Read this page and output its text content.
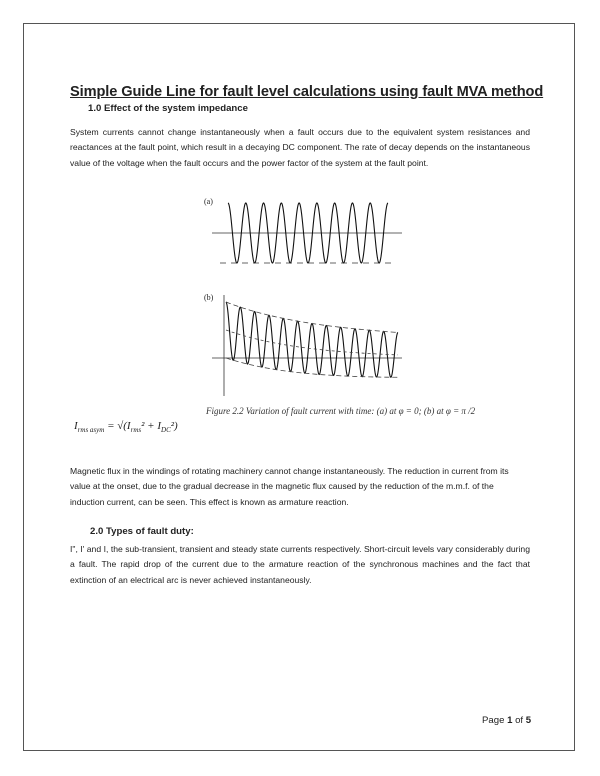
Simple Guide Line for fault level calculations using fault MVA method
1.0 Effect of the system impedance

System currents cannot change instantaneously when a fault occurs due to the equivalent system resistances and reactances at the fault point, which result in a decaying DC component. The rate of decay depends on the instantaneous value of the voltage when the fault occurs and the power factor of the system at the fault point.

(a)
(b)
Figure 2.2 Variation of fault current with time: (a) at φ = 0; (b) at φ = π /2
$I_{rms asym} = √(I_{rms}^2 + I_{DC}^2)$

Magnetic flux in the windings of rotating machinery cannot change instantaneously. The reduction in current from its value at the onset, due to the gradual decrease in the magnetic flux caused by the reduction of the m.m.f. of the induction current, can be seen. This effect is known as armature reaction.

2.0 Types of fault duty:

I", I' and I, the sub-transient, transient and steady state currents respectively. Short-circuit levels vary considerably during a fault. The rapid drop of the current due to the armature reaction of the synchronous machines and the fact that extinction of an electrical arc is never achieved instantaneously.

Page 1 of 5
